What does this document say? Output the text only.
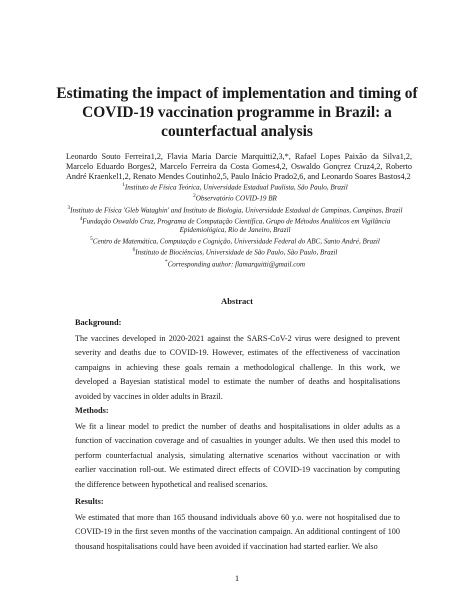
Estimating the impact of implementation and timing of COVID-19 vaccination programme in Brazil: a counterfactual analysis
Leonardo Souto Ferreira1,2, Flavia Maria Darcie Marquitti2,3,*, Rafael Lopes Paixão da Silva1,2, Marcelo Eduardo Borges2, Marcelo Ferreira da Costa Gomes4,2, Oswaldo Gonçrez Cruz4,2, Roberto André Kraenkel1,2, Renato Mendes Coutinho2,5, Paulo Inácio Prado2,6, and Leonardo Soares Bastos4,2
$^1$Instituto de Física Teórica, Universidade Estadual Paulista, São Paulo, Brazil
$^2$Observatório COVID-19 BR
$^3$Instituto de Física 'Gleb Wataghin' and Instituto de Biologia, Universidade Estadual de Campinas, Campinas, Brazil
$^4$Fundação Oswaldo Cruz, Programa de Computação Científica, Grupo de Métodos Analíticos em Vigilância Epidemiológica, Rio de Janeiro, Brazil
$^5$Centro de Matemática, Computação e Cognição, Universidade Federal do ABC, Santo André, Brazil
$^6$Instituto de Biociências, Universidade de São Paulo, São Paulo, Brazil
*Corresponding author: flamarquitti@gmail.com
Abstract
Background:
The vaccines developed in 2020-2021 against the SARS-CoV-2 virus were designed to prevent severity and deaths due to COVID-19. However, estimates of the effectiveness of vaccination campaigns in achieving these goals remain a methodological challenge. In this work, we developed a Bayesian statistical model to estimate the number of deaths and hospitalisations avoided by vaccines in older adults in Brazil.
Methods:
We fit a linear model to predict the number of deaths and hospitalisations in older adults as a function of vaccination coverage and of casualties in younger adults. We then used this model to perform counterfactual analysis, simulating alternative scenarios without vaccination or with earlier vaccination roll-out. We estimated direct effects of COVID-19 vaccination by computing the difference between hypothetical and realised scenarios.
Results:
We estimated that more than 165 thousand individuals above 60 y.o. were not hospitalised due to COVID-19 in the first seven months of the vaccination campaign. An additional contingent of 100 thousand hospitalisations could have been avoided if vaccination had started earlier. We also
1
